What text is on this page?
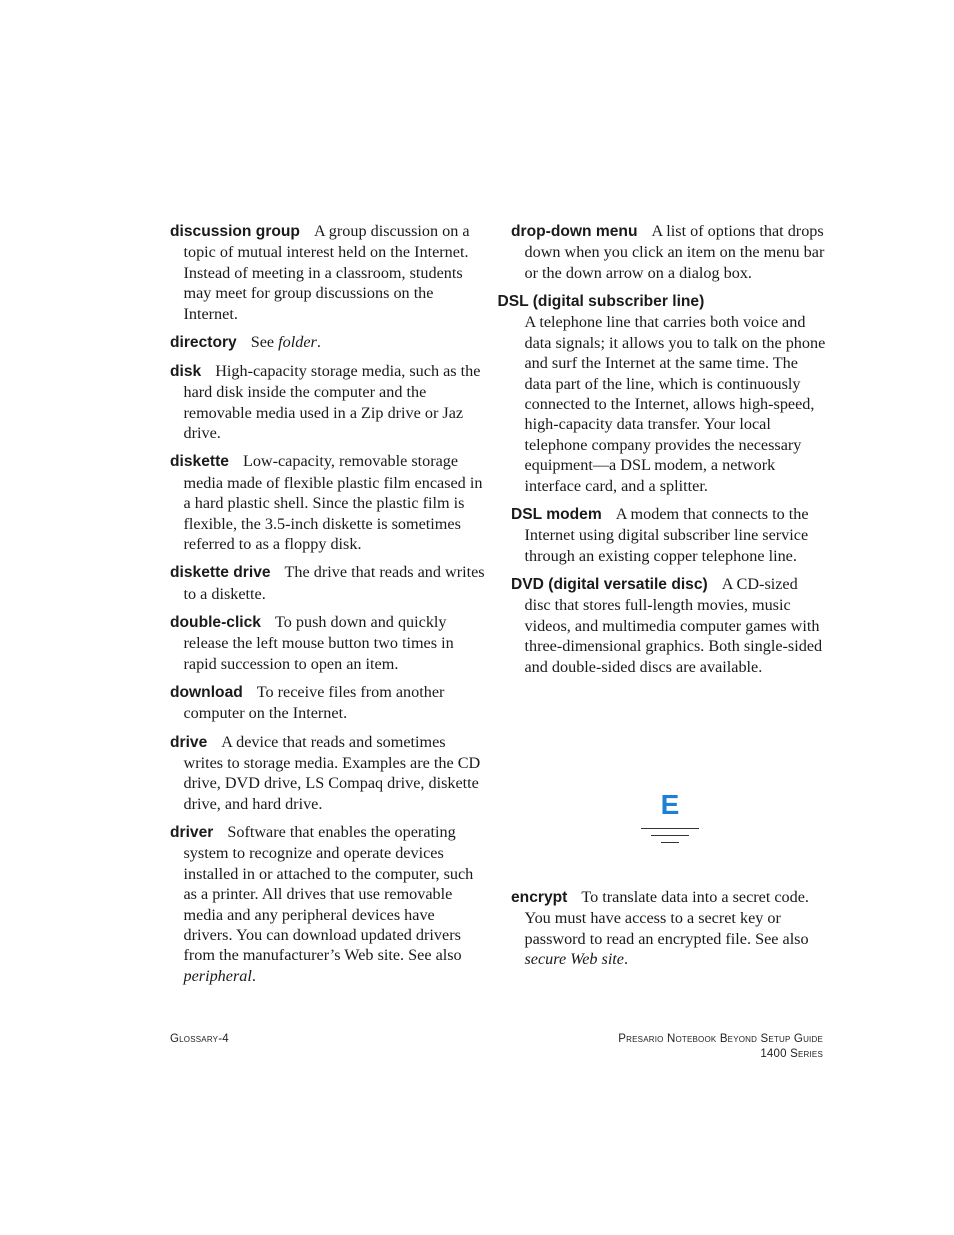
discussion group A group discussion on a topic of mutual interest held on the Internet. Instead of meeting in a classroom, students may meet for group discussions on the Internet.

directory See folder.

disk High-capacity storage media, such as the hard disk inside the computer and the removable media used in a Zip drive or Jaz drive.

diskette Low-capacity, removable storage media made of flexible plastic film encased in a hard plastic shell. Since the plastic film is flexible, the 3.5-inch diskette is sometimes referred to as a floppy disk.

diskette drive The drive that reads and writes to a diskette.

double-click To push down and quickly release the left mouse button two times in rapid succession to open an item.

download To receive files from another computer on the Internet.

drive A device that reads and sometimes writes to storage media. Examples are the CD drive, DVD drive, LS Compaq drive, diskette drive, and hard drive.

driver Software that enables the operating system to recognize and operate devices installed in or attached to the computer, such as a printer. All drives that use removable media and any peripheral devices have drivers. You can download updated drivers from the manufacturer’s Web site. See also peripheral.

drop-down menu A list of options that drops down when you click an item on the menu bar or the down arrow on a dialog box.

DSL (digital subscriber line)
A telephone line that carries both voice and data signals; it allows you to talk on the phone and surf the Internet at the same time. The data part of the line, which is continuously connected to the Internet, allows high-speed, high-capacity data transfer. Your local telephone company provides the necessary equipment—a DSL modem, a network interface card, and a splitter.

DSL modem A modem that connects to the Internet using digital subscriber line service through an existing copper telephone line.

DVD (digital versatile disc) A CD-sized disc that stores full-length movies, music videos, and multimedia computer games with three-dimensional graphics. Both single-sided and double-sided discs are available.

E

encrypt To translate data into a secret code. You must have access to a secret key or password to read an encrypted file. See also secure Web site.

Glossary-4	Presario Notebook Beyond Setup Guide
1400 Series
